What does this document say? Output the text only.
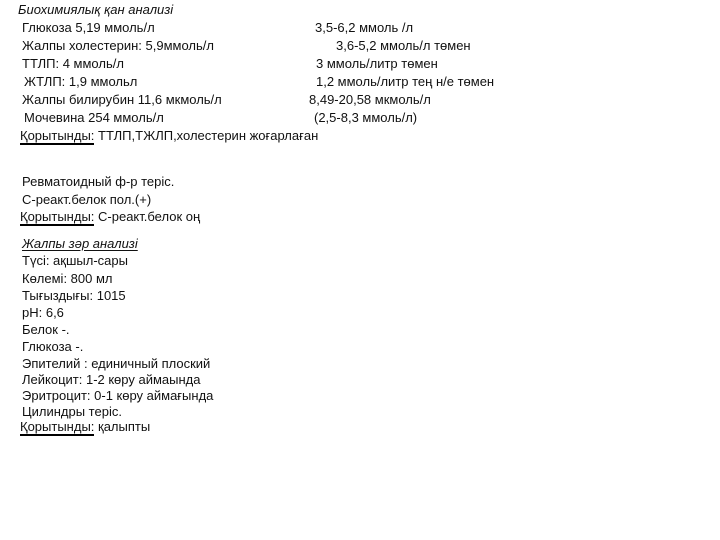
Биохимиялық қан анализі
Глюкоза 5,19 ммоль/л	3,5-6,2 ммоль /л
Жалпы холестерин: 5,9ммоль/л	3,6-5,2 ммоль/л төмен
ТТЛП: 4 ммоль/л	3 ммоль/литр төмен
ЖТЛП: 1,9 ммольл	1,2 ммоль/литр тең н/е төмен
Жалпы билирубин 11,6 мкмоль/л	8,49-20,58 мкмоль/л
Мочевина 254 ммоль/л	(2,5-8,3 ммоль/л)
Қорытынды: ТТЛП,ТЖЛП,холестерин жоғарлаған
Ревматоидный ф-р теріс.
С-реакт.белок пол.(+)
Қорытынды: С-реакт.белок оң
Жалпы зәр анализі
Түсі: ақшыл-сары
Көлемі: 800 мл
Тығыздығы: 1015
pH: 6,6
Белок -.
Глюкоза -.
Эпителий : единичный плоский
Лейкоцит: 1-2 көру аймаында
Эритроцит: 0-1 көру аймағында
Цилиндры теріс.
Қорытынды: қалыпты
